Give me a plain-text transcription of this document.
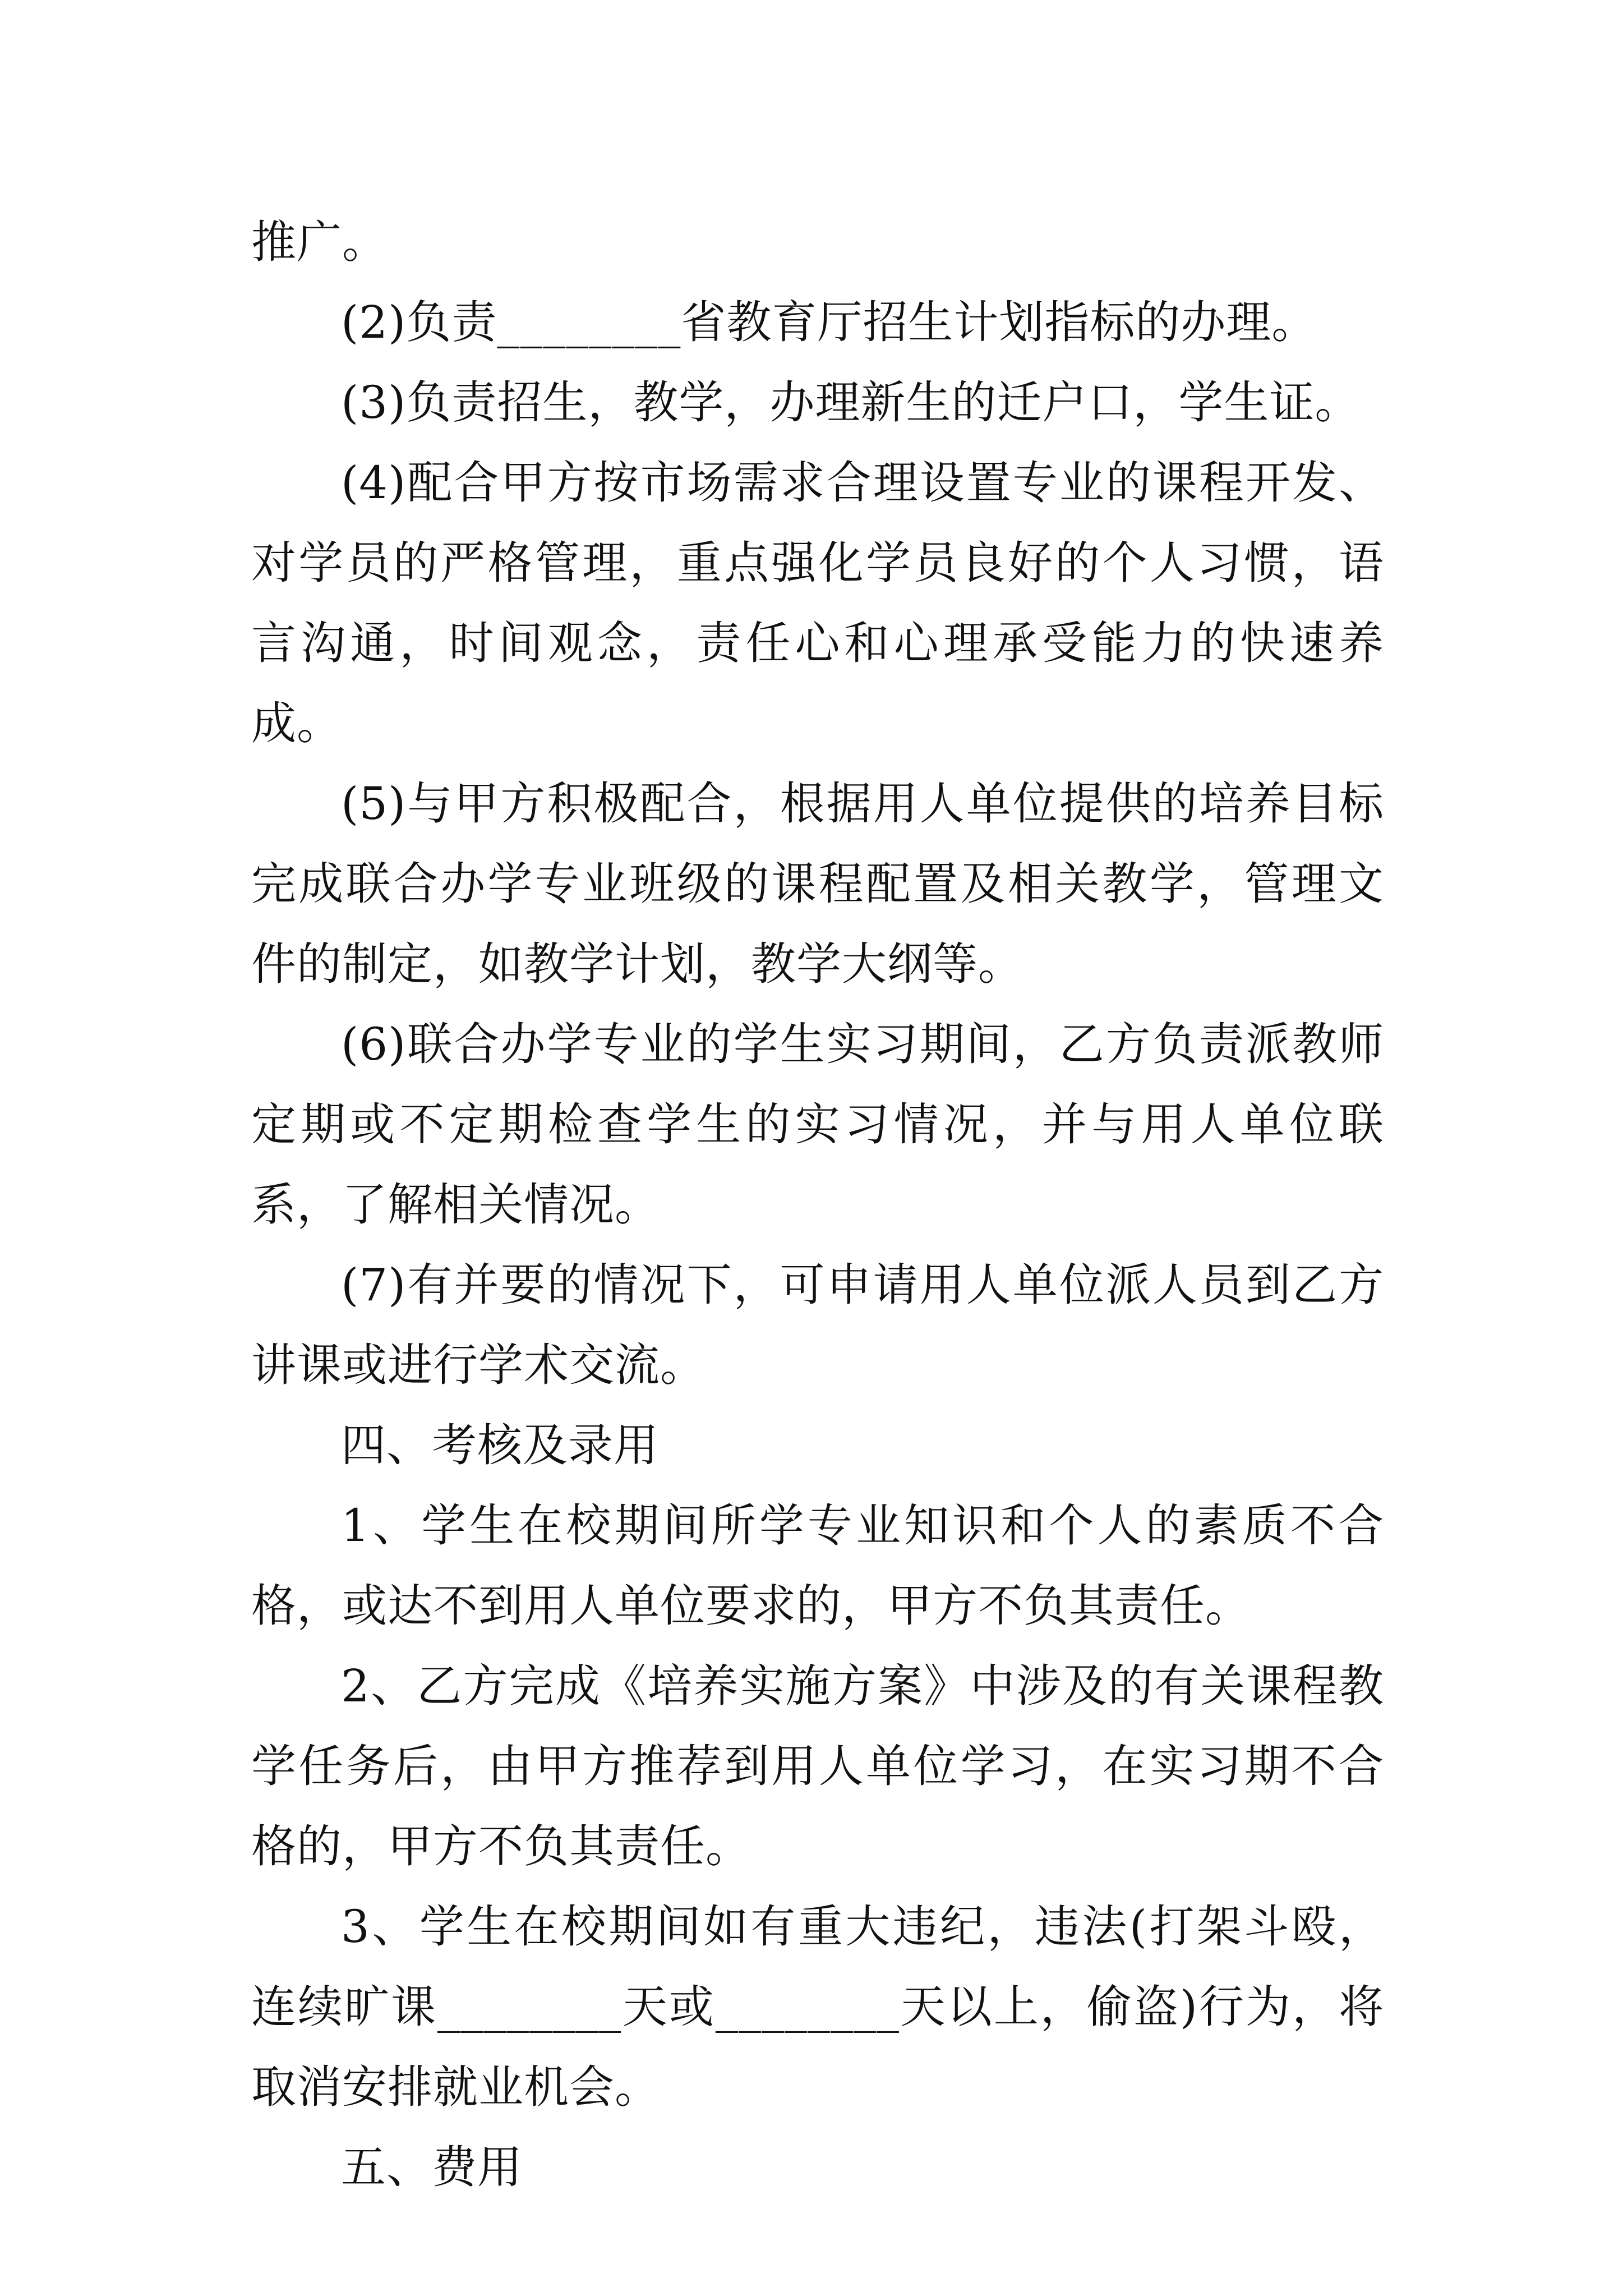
推广。

(2)负责________省教育厅招生计划指标的办理。

(3)负责招生，教学，办理新生的迁户口，学生证。

(4)配合甲方按市场需求合理设置专业的课程开发、对学员的严格管理，重点强化学员良好的个人习惯，语言沟通，时间观念，责任心和心理承受能力的快速养成。

(5)与甲方积极配合，根据用人单位提供的培养目标完成联合办学专业班级的课程配置及相关教学，管理文件的制定，如教学计划，教学大纲等。

(6)联合办学专业的学生实习期间，乙方负责派教师定期或不定期检查学生的实习情况，并与用人单位联系，了解相关情况。

(7)有并要的情况下，可申请用人单位派人员到乙方讲课或进行学术交流。

四、考核及录用

1、学生在校期间所学专业知识和个人的素质不合格，或达不到用人单位要求的，甲方不负其责任。

2、乙方完成《培养实施方案》中涉及的有关课程教学任务后，由甲方推荐到用人单位学习，在实习期不合格的，甲方不负其责任。

3、学生在校期间如有重大违纪，违法(打架斗殴，连续旷课________天或________天以上，偷盗)行为，将取消安排就业机会。

五、费用
